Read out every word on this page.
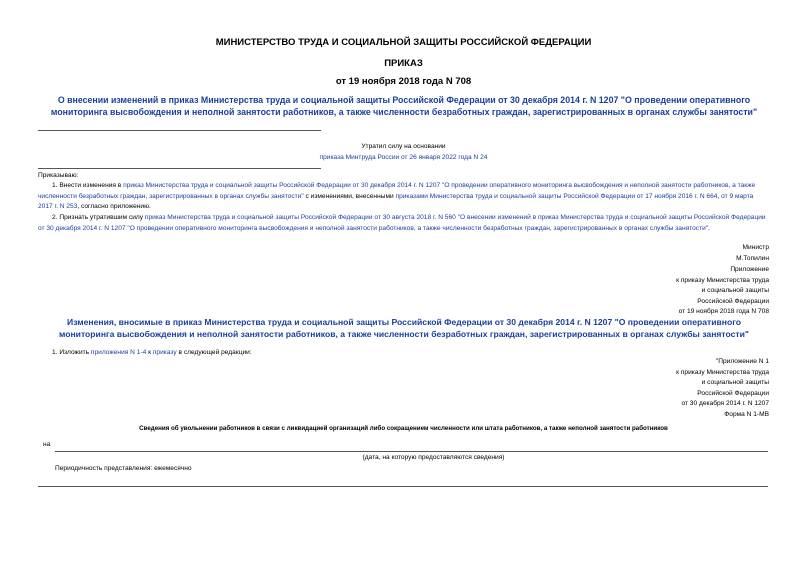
МИНИСТЕРСТВО ТРУДА И СОЦИАЛЬНОЙ ЗАЩИТЫ РОССИЙСКОЙ ФЕДЕРАЦИИ
ПРИКАЗ
от 19 ноября 2018 года N 708
О внесении изменений в приказ Министерства труда и социальной защиты Российской Федерации от 30 декабря 2014 г. N 1207 "О проведении оперативного мониторинга высвобождения и неполной занятости работников, а также численности безработных граждан, зарегистрированных в органах службы занятости"
Утратил силу на основании
приказа Минтруда России от 26 января 2022 года N 24
Приказываю:
1. Внести изменения в приказ Министерства труда и социальной защиты Российской Федерации от 30 декабря 2014 г. N 1207 "О проведении оперативного мониторинга высвобождения и неполной занятости работников, а также численности безработных граждан, зарегистрированных в органах службы занятости" с изменениями, внесенными приказами Министерства труда и социальной защиты Российской Федерации от 17 ноября 2016 г. N 664, от 9 марта 2017 г. N 253, согласно приложению.
2. Признать утратившим силу приказ Министерства труда и социальной защиты Российской Федерации от 30 августа 2018 г. N 560 "О внесении изменений в приказ Министерства труда и социальной защиты Российской Федерации от 30 декабря 2014 г. N 1207 "О проведении оперативного мониторинга высвобождения и неполной занятости работников, а также численности безработных граждан, зарегистрированных в органах службы занятости".
Министр
М.Топилин
Приложение
к приказу Министерства труда
и социальной защиты
Российской Федерации
от 19 ноября 2018 года N 708
Изменения, вносимые в приказ Министерства труда и социальной защиты Российской Федерации от 30 декабря 2014 г. N 1207 "О проведении оперативного мониторинга высвобождения и неполной занятости работников, а также численности безработных граждан, зарегистрированных в органах службы занятости"
1. Изложить приложения N 1-4 к приказу в следующей редакции:
"Приложение N 1
к приказу Министерства труда
и социальной защиты
Российской Федерации
от 30 декабря 2014 г. N 1207
Форма N 1-МВ
Сведения об увольнении работников в связи с ликвидацией организаций либо сокращением численности или штата работников, а также неполной занятости работников
на
(дата, на которую предоставляются сведения)
Периодичность представления: ежемесячно
